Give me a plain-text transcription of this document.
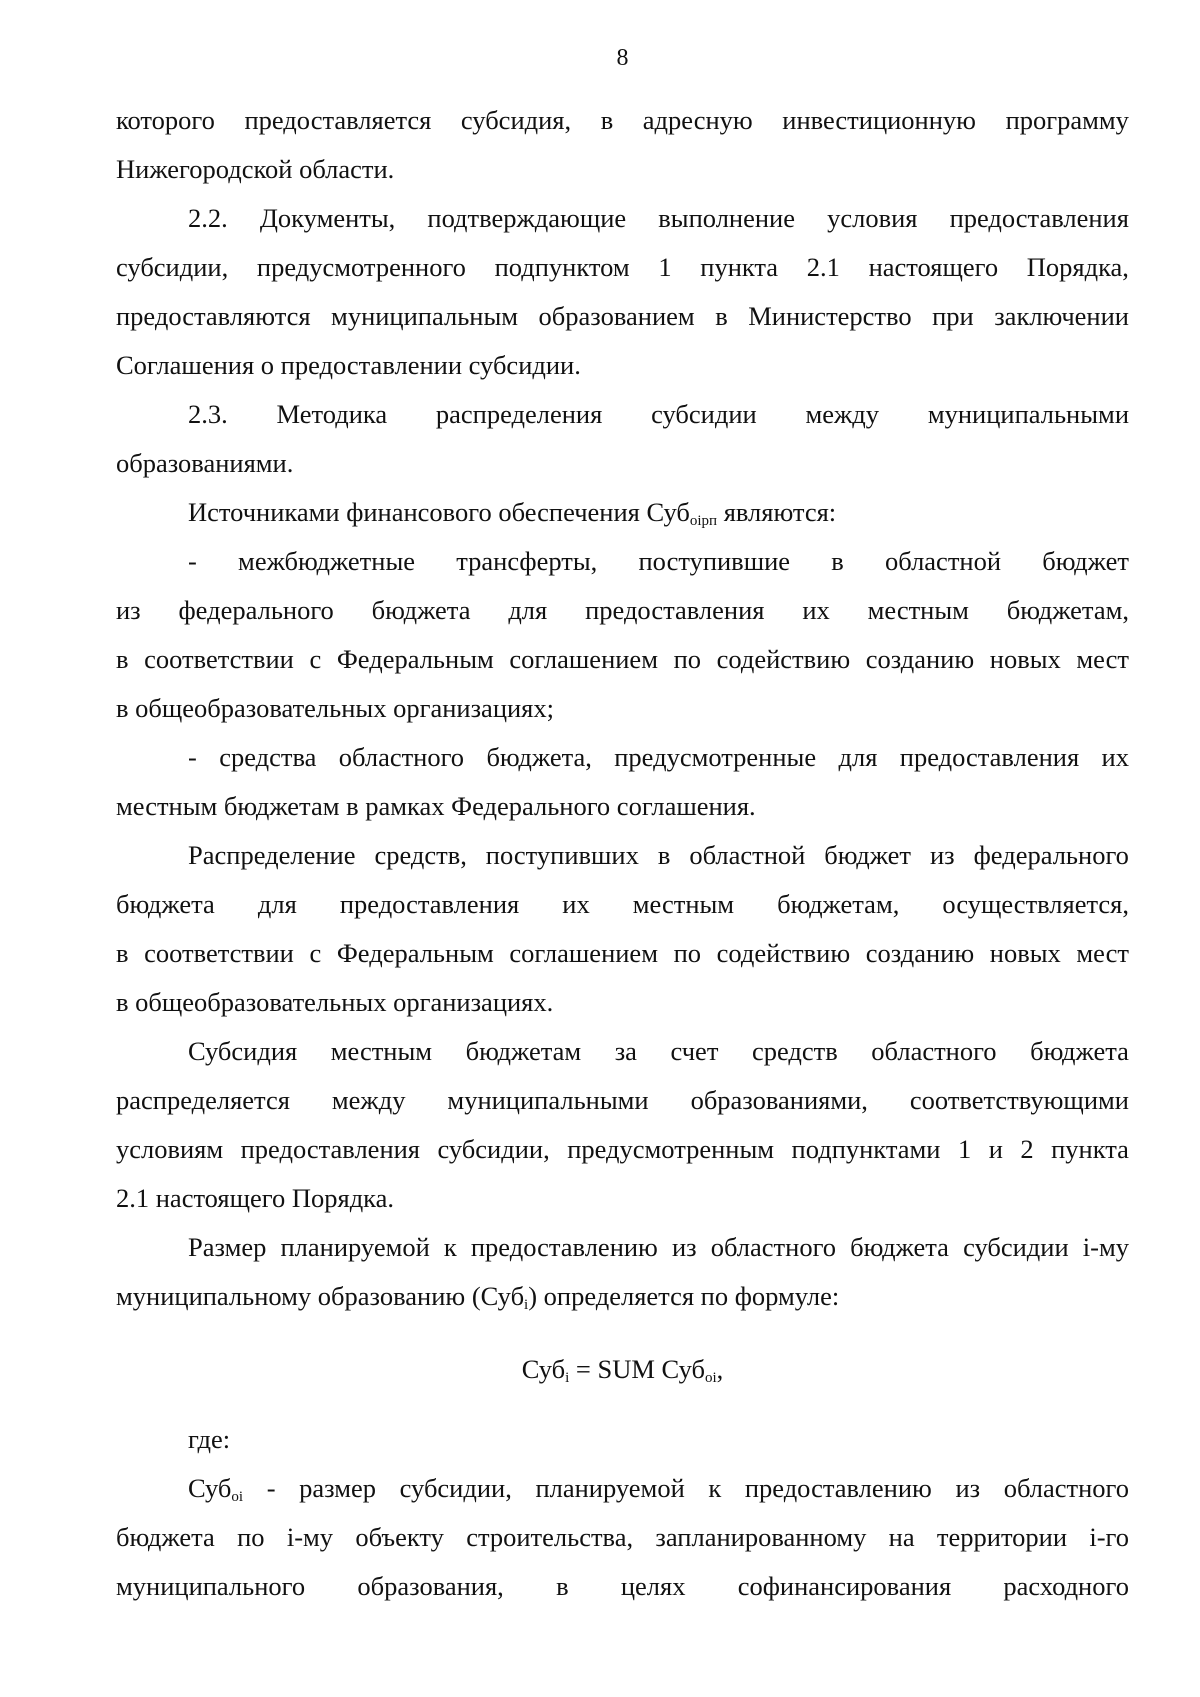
8
которого предоставляется субсидия, в адресную инвестиционную программу
Нижегородской области.
2.2. Документы, подтверждающие выполнение условия предоставления
субсидии, предусмотренного подпунктом 1 пункта 2.1 настоящего Порядка,
предоставляются муниципальным образованием в Министерство при заключении
Соглашения о предоставлении субсидии.
2.3. Методика распределения субсидии между муниципальными
образованиями.
Источниками финансового обеспечения Суб$_{оірп}$ являются:
- межбюджетные трансферты, поступившие в областной бюджет
из федерального бюджета для предоставления их местным бюджетам,
в соответствии с Федеральным соглашением по содействию созданию новых мест
в общеобразовательных организациях;
- средства областного бюджета, предусмотренные для предоставления их
местным бюджетам в рамках Федерального соглашения.
Распределение средств, поступивших в областной бюджет из федерального
бюджета для предоставления их местным бюджетам, осуществляется,
в соответствии с Федеральным соглашением по содействию созданию новых мест
в общеобразовательных организациях.
Субсидия местным бюджетам за счет средств областного бюджета
распределяется между муниципальными образованиями, соответствующими
условиям предоставления субсидии, предусмотренным подпунктами 1 и 2 пункта
2.1 настоящего Порядка.
Размер планируемой к предоставлению из областного бюджета субсидии i-му
муниципальному образованию (Суб$_i$) определяется по формуле:
Суб$_i$ = SUM Суб$_{oi}$,
где:
Суб$_{oi}$ - размер субсидии, планируемой к предоставлению из областного
бюджета по i-му объекту строительства, запланированному на территории i-го
муниципального образования, в целях софинансирования расходного
